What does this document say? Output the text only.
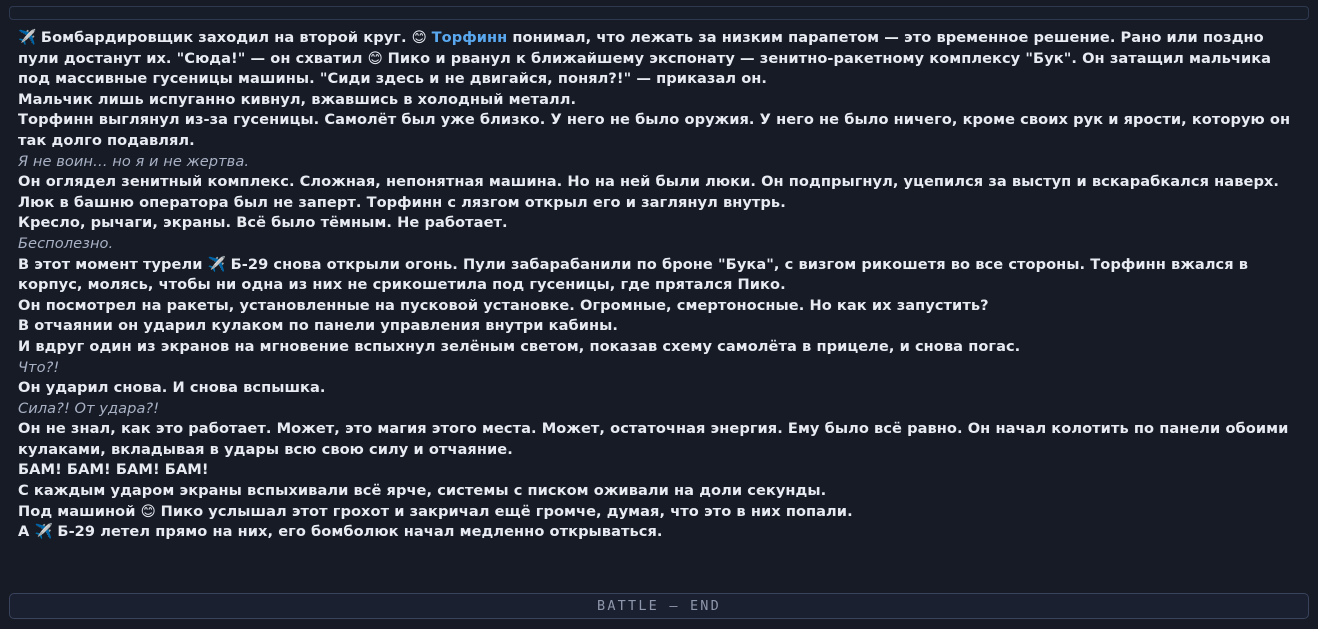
✈️ Бомбардировщик заходил на второй круг. 😊 Торфинн понимал, что лежать за низким парапетом — это временное решение. Рано или поздно пули достанут их. "Сюда!" — он схватил 😊 Пико и рванул к ближайшему экспонату — зенитно-ракетному комплексу "Бук". Он затащил мальчика под массивные гусеницы машины. "Сиди здесь и не двигайся, понял?!" — приказал он.
Мальчик лишь испуганно кивнул, вжавшись в холодный металл.
Торфинн выглянул из-за гусеницы. Самолёт был уже близко. У него не было оружия. У него не было ничего, кроме своих рук и ярости, которую он так долго подавлял.
Я не воин… но я и не жертва.
Он оглядел зенитный комплекс. Сложная, непонятная машина. Но на ней были люки. Он подпрыгнул, уцепился за выступ и вскарабкался наверх. Люк в башню оператора был не заперт. Торфинн с лязгом открыл его и заглянул внутрь.
Кресло, рычаги, экраны. Всё было тёмным. Не работает.
Бесполезно.
В этот момент турели ✈️ Б-29 снова открыли огонь. Пули забарабанили по броне "Бука", с визгом рикошетя во все стороны. Торфинн вжался в корпус, молясь, чтобы ни одна из них не срикошетила под гусеницы, где прятался Пико.
Он посмотрел на ракеты, установленные на пусковой установке. Огромные, смертоносные. Но как их запустить?
В отчаянии он ударил кулаком по панели управления внутри кабины.
И вдруг один из экранов на мгновение вспыхнул зелёным светом, показав схему самолёта в прицеле, и снова погас.
Что?!
Он ударил снова. И снова вспышка.
Сила?! От удара?!
Он не знал, как это работает. Может, это магия этого места. Может, остаточная энергия. Ему было всё равно. Он начал колотить по панели обоими кулаками, вкладывая в удары всю свою силу и отчаяние.
БАМ! БАМ! БАМ! БАМ!
С каждым ударом экраны вспыхивали всё ярче, системы с писком оживали на доли секунды.
Под машиной 😊 Пико услышал этот грохот и закричал ещё громче, думая, что это в них попали.
А ✈️ Б-29 летел прямо на них, его бомболюк начал медленно открываться.
BATTLE — END
